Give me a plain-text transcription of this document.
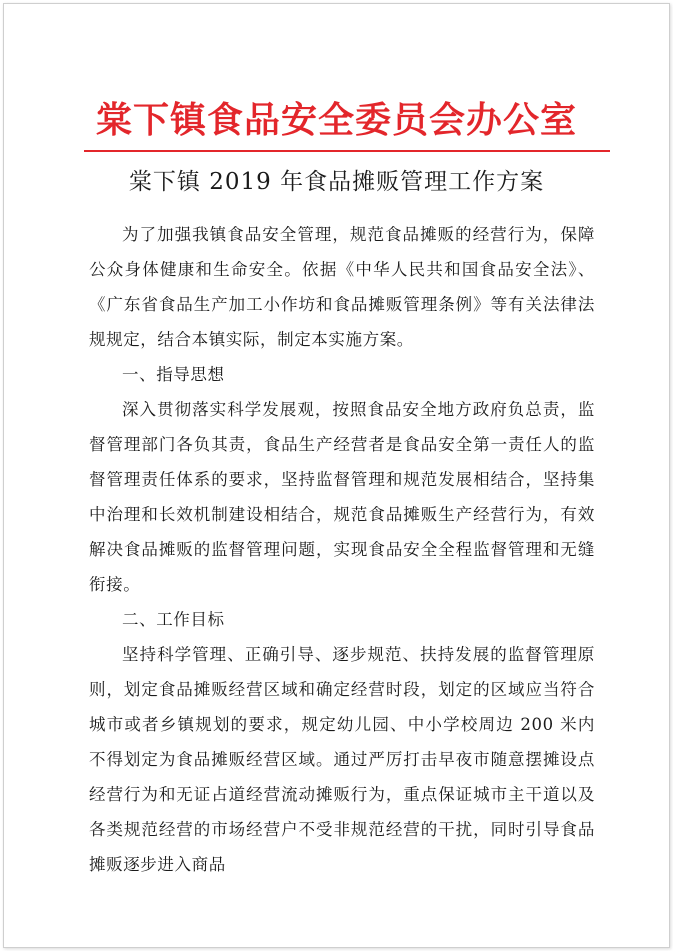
棠下镇食品安全委员会办公室
棠下镇 2019 年食品摊贩管理工作方案

为了加强我镇食品安全管理，规范食品摊贩的经营行为，保障公众身体健康和生命安全。依据《中华人民共和国食品安全法》、《广东省食品生产加工小作坊和食品摊贩管理条例》等有关法律法规规定，结合本镇实际，制定本实施方案。

一、指导思想

深入贯彻落实科学发展观，按照食品安全地方政府负总责，监督管理部门各负其责，食品生产经营者是食品安全第一责任人的监督管理责任体系的要求，坚持监督管理和规范发展相结合，坚持集中治理和长效机制建设相结合，规范食品摊贩生产经营行为，有效解决食品摊贩的监督管理问题，实现食品安全全程监督管理和无缝衔接。

二、工作目标

坚持科学管理、正确引导、逐步规范、扶持发展的监督管理原则，划定食品摊贩经营区域和确定经营时段，划定的区域应当符合城市或者乡镇规划的要求，规定幼儿园、中小学校周边 200 米内不得划定为食品摊贩经营区域。通过严厉打击早夜市随意摆摊设点经营行为和无证占道经营流动摊贩行为，重点保证城市主干道以及各类规范经营的市场经营户不受非规范经营的干扰，同时引导食品摊贩逐步进入商品
